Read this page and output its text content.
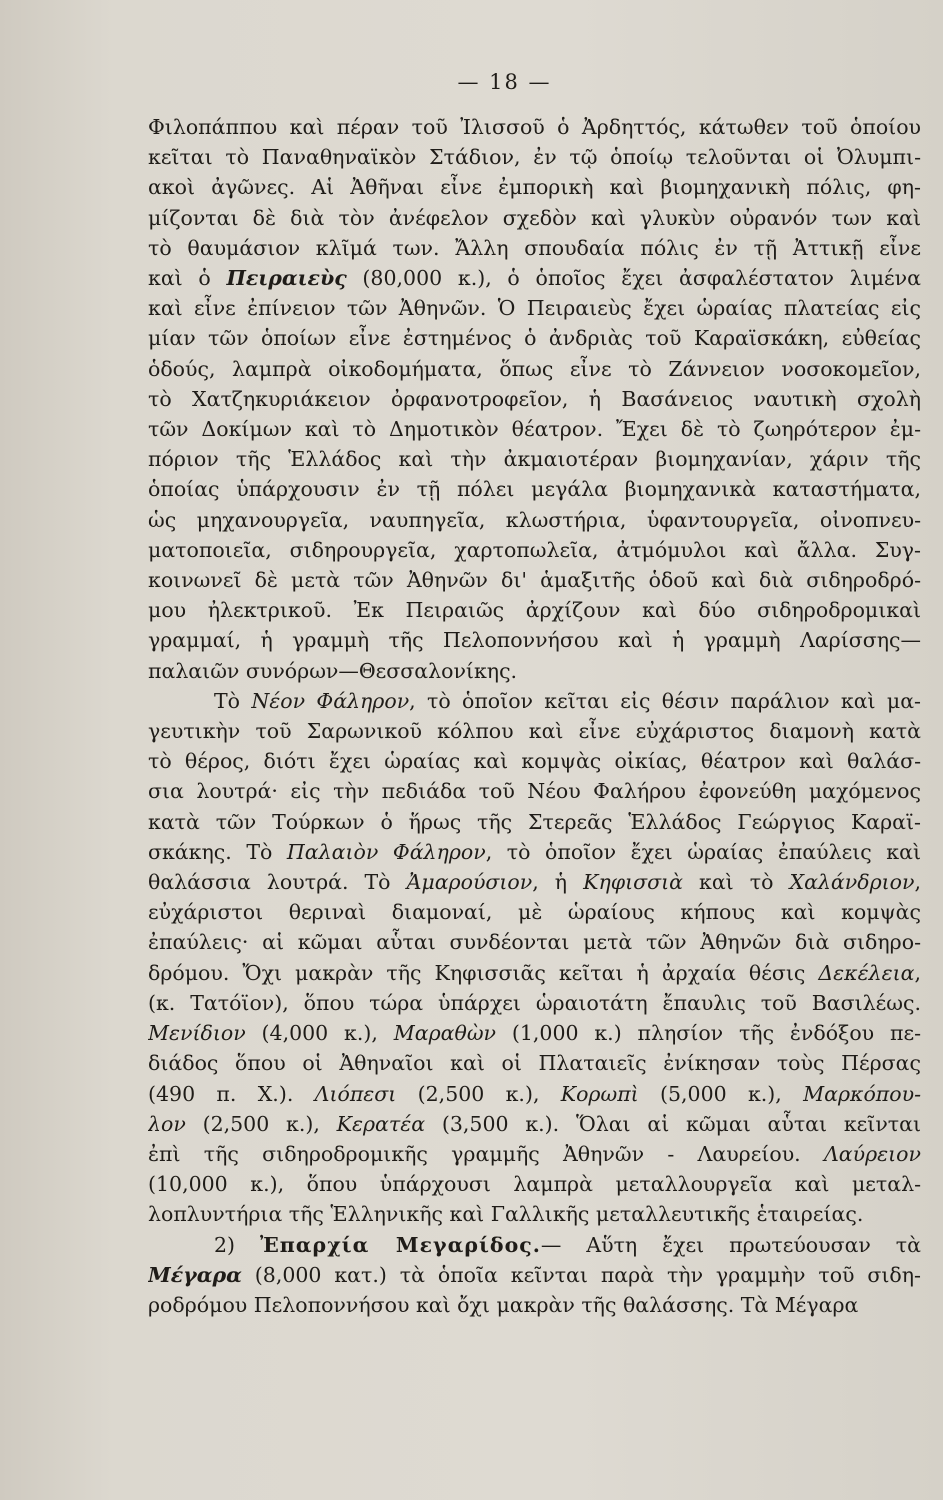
— 18 —
Φιλοπάππου καὶ πέραν τοῦ Ἰλισσοῦ ὁ Ἀρδηττός, κάτωθεν τοῦ ὁποίου
κεῖται τὸ Παναθηναϊκὸν Στάδιον, ἐν τῷ ὁποίῳ τελοῦνται οἱ Ὀλυμπι-
ακοὶ ἀγῶνες. Αἱ Ἀθῆναι εἶνε ἐμπορικὴ καὶ βιομηχανικὴ πόλις, φη-
μίζονται δὲ διὰ τὸν ἀνέφελον σχεδὸν καὶ γλυκὺν οὐρανόν των καὶ
τὸ θαυμάσιον κλῖμά των. Ἄλλη σπουδαία πόλις ἐν τῇ Ἀττικῇ εἶνε
καὶ ὁ Πειραιεὺς (80,000 κ.), ὁ ὁποῖος ἔχει ἀσφαλέστατον λιμένα
καὶ εἶνε ἐπίνειον τῶν Ἀθηνῶν. Ὁ Πειραιεὺς ἔχει ὡραίας πλατείας εἰς
μίαν τῶν ὁποίων εἶνε ἐστημένος ὁ ἀνδριὰς τοῦ Καραϊσκάκη, εὐθείας
ὁδούς, λαμπρὰ οἰκοδομήματα, ὅπως εἶνε τὸ Ζάννειον νοσοκομεῖον,
τὸ Χατζηκυριάκειον ὀρφανοτροφεῖον, ἡ Βασάνειος ναυτικὴ σχολὴ
τῶν Δοκίμων καὶ τὸ Δημοτικὸν θέατρον. Ἔχει δὲ τὸ ζωηρότερον ἐμ-
πόριον τῆς Ἑλλάδος καὶ τὴν ἀκμαιοτέραν βιομηχανίαν, χάριν τῆς
ὁποίας ὑπάρχουσιν ἐν τῇ πόλει μεγάλα βιομηχανικὰ καταστήματα,
ὡς μηχανουργεῖα, ναυπηγεῖα, κλωστήρια, ὑφαντουργεῖα, οἰνοπνευ-
ματοποιεῖα, σιδηρουργεῖα, χαρτοπωλεῖα, ἀτμόμυλοι καὶ ἄλλα. Συγ-
κοινωνεῖ δὲ μετὰ τῶν Ἀθηνῶν δι' ἁμαξιτῆς ὁδοῦ καὶ διὰ σιδηροδρό-
μου ἠλεκτρικοῦ. Ἐκ Πειραιῶς ἀρχίζουν καὶ δύο σιδηροδρομικαὶ
γραμμαί, ἡ γραμμὴ τῆς Πελοποννήσου καὶ ἡ γραμμὴ Λαρίσσης—
παλαιῶν συνόρων—Θεσσαλονίκης.
Τὸ Νέον Φάληρον, τὸ ὁποῖον κεῖται εἰς θέσιν παράλιον καὶ μα-
γευτικὴν τοῦ Σαρωνικοῦ κόλπου καὶ εἶνε εὐχάριστος διαμονὴ κατὰ
τὸ θέρος, διότι ἔχει ὡραίας καὶ κομψὰς οἰκίας, θέατρον καὶ θαλάσ-
σια λουτρά· εἰς τὴν πεδιάδα τοῦ Νέου Φαλήρου ἐφονεύθη μαχόμενος
κατὰ τῶν Τούρκων ὁ ἥρως τῆς Στερεᾶς Ἑλλάδος Γεώργιος Καραϊ-
σκάκης. Τὸ Παλαιὸν Φάληρον, τὸ ὁποῖον ἔχει ὡραίας ἐπαύλεις καὶ
θαλάσσια λουτρά. Τὸ Ἀμαρούσιον, ἡ Κηφισσιὰ καὶ τὸ Χαλάνδριον,
εὐχάριστοι θεριναὶ διαμοναί, μὲ ὡραίους κήπους καὶ κομψὰς
ἐπαύλεις· αἱ κῶμαι αὗται συνδέονται μετὰ τῶν Ἀθηνῶν διὰ σιδηρο-
δρόμου. Ὄχι μακρὰν τῆς Κηφισσιᾶς κεῖται ἡ ἀρχαία θέσις Δεκέλεια,
(κ. Τατόϊον), ὅπου τώρα ὑπάρχει ὡραιοτάτη ἔπαυλις τοῦ Βασιλέως.
Μενίδιον (4,000 κ.), Μαραθὼν (1,000 κ.) πλησίον τῆς ἐνδόξου πε-
διάδος ὅπου οἱ Ἀθηναῖοι καὶ οἱ Πλαταιεῖς ἐνίκησαν τοὺς Πέρσας
(490 π. Χ.). Λιόπεσι (2,500 κ.), Κορωπὶ (5,000 κ.), Μαρκόπου-
λον (2,500 κ.), Κερατέα (3,500 κ.). Ὅλαι αἱ κῶμαι αὗται κεῖνται
ἐπὶ τῆς σιδηροδρομικῆς γραμμῆς Ἀθηνῶν - Λαυρείου. Λαύρειον
(10,000 κ.), ὅπου ὑπάρχουσι λαμπρὰ μεταλλουργεῖα καὶ μεταλ-
λοπλυντήρια τῆς Ἑλληνικῆς καὶ Γαλλικῆς μεταλλευτικῆς ἑταιρείας.
2) Ἐπαρχία Μεγαρίδος.— Αὕτη ἔχει πρωτεύουσαν τὰ
Μέγαρα (8,000 κατ.) τὰ ὁποῖα κεῖνται παρὰ τὴν γραμμὴν τοῦ σιδη-
ροδρόμου Πελοποννήσου καὶ ὄχι μακρὰν τῆς θαλάσσης. Τὰ Μέγαρα
